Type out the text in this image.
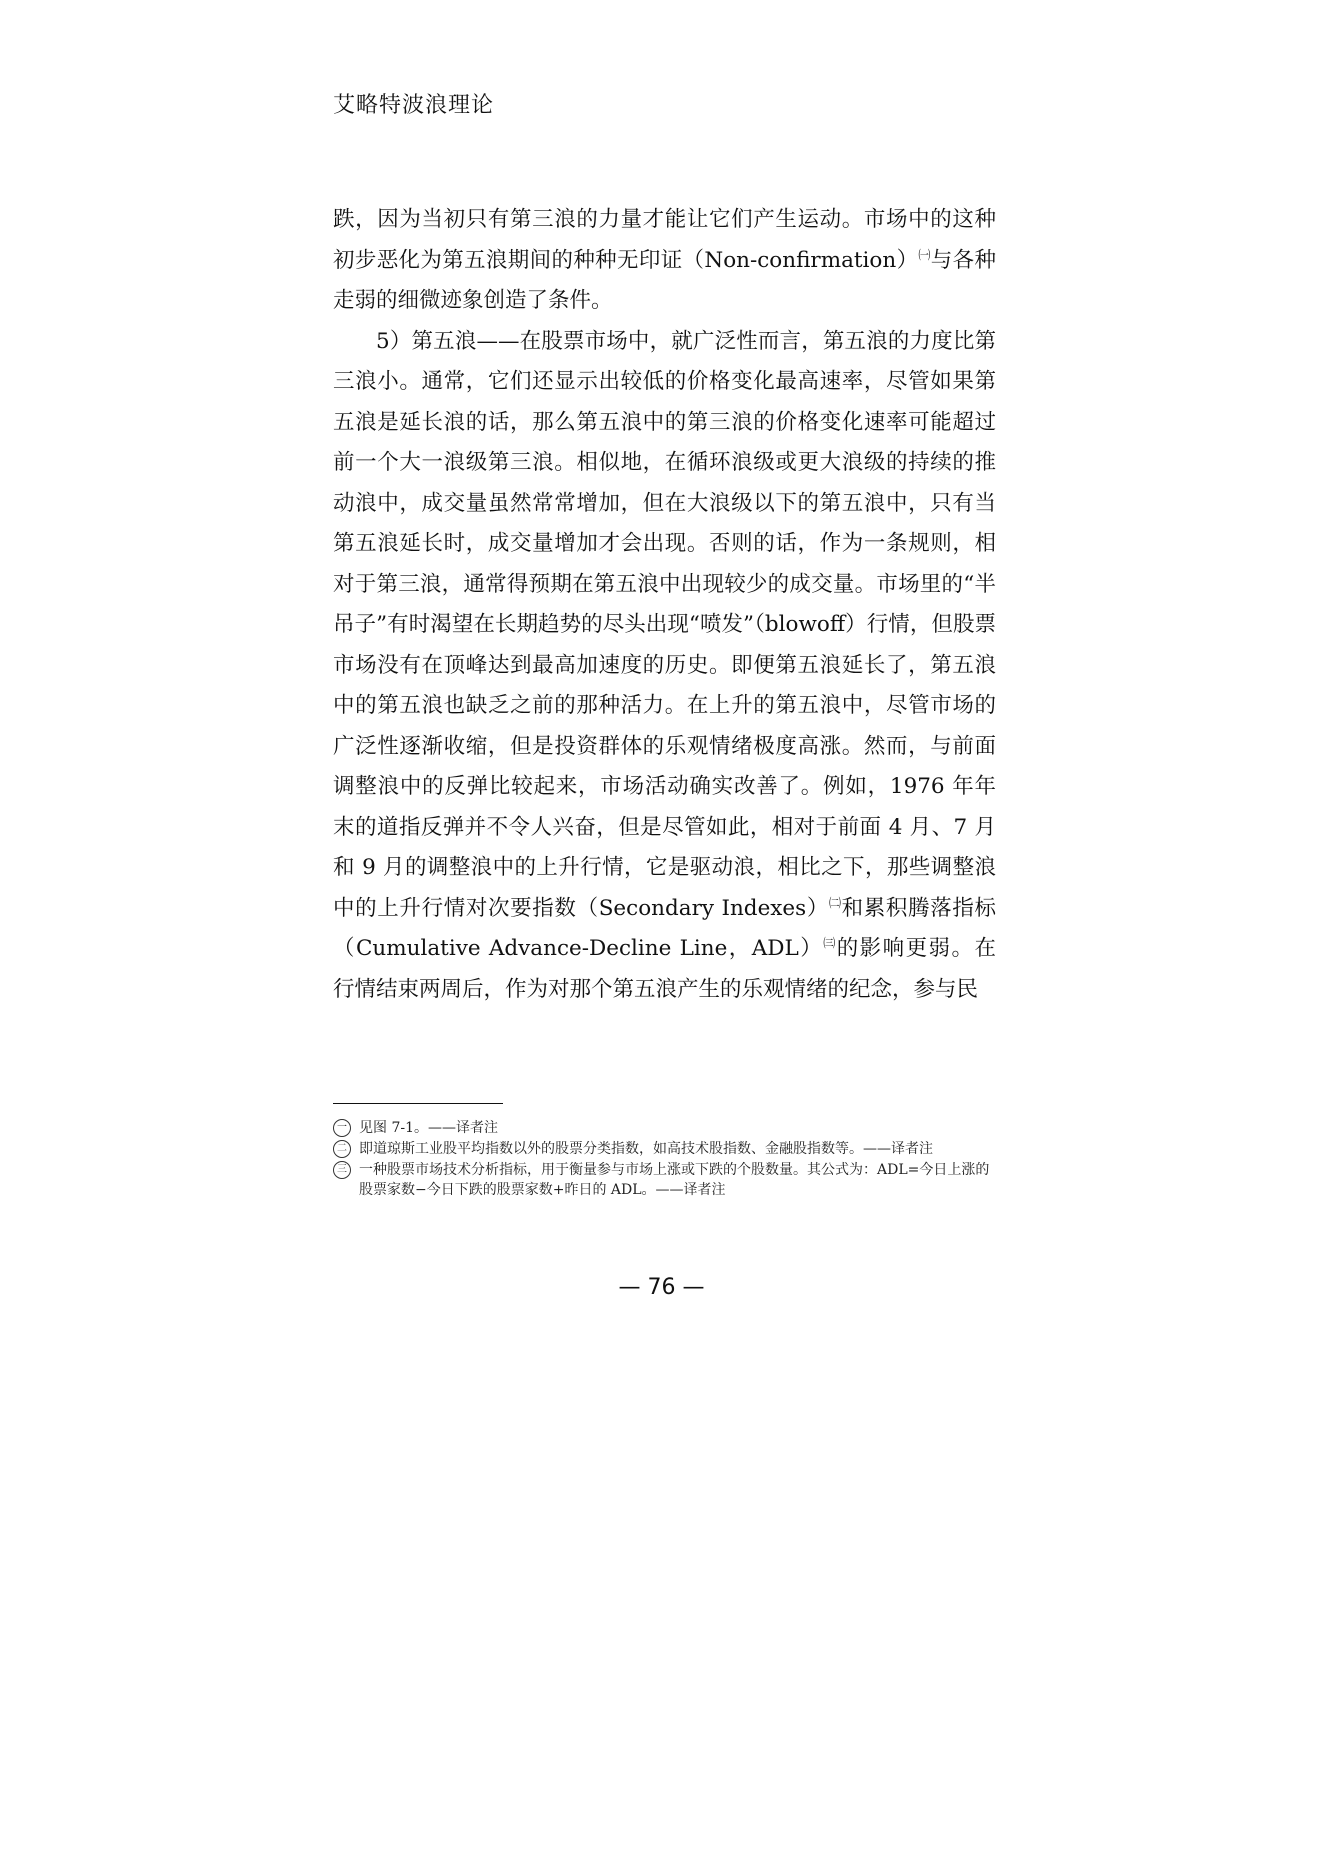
艾略特波浪理论

跌，因为当初只有第三浪的力量才能让它们产生运动。市场中的这种初步恶化为第五浪期间的种种无印证（Non-confirmation）$^㈠$与各种走弱的细微迹象创造了条件。

5）第五浪——在股票市场中，就广泛性而言，第五浪的力度比第三浪小。通常，它们还显示出较低的价格变化最高速率，尽管如果第五浪是延长浪的话，那么第五浪中的第三浪的价格变化速率可能超过前一个大一浪级第三浪。相似地，在循环浪级或更大浪级的持续的推动浪中，成交量虽然常常增加，但在大浪级以下的第五浪中，只有当第五浪延长时，成交量增加才会出现。否则的话，作为一条规则，相对于第三浪，通常得预期在第五浪中出现较少的成交量。市场里的“半吊子”有时渴望在长期趋势的尽头出现“喷发”（blowoff）行情，但股票市场没有在顶峰达到最高加速度的历史。即便第五浪延长了，第五浪中的第五浪也缺乏之前的那种活力。在上升的第五浪中，尽管市场的广泛性逐渐收缩，但是投资群体的乐观情绪极度高涨。然而，与前面调整浪中的反弹比较起来，市场活动确实改善了。例如，1976 年年末的道指反弹并不令人兴奋，但是尽管如此，相对于前面 4 月、7 月和 9 月的调整浪中的上升行情，它是驱动浪，相比之下，那些调整浪中的上升行情对次要指数（Secondary Indexes）$^㈡$和累积腾落指标（Cumulative Advance-Decline Line，ADL）$^㈢$的影响更弱。在行情结束两周后，作为对那个第五浪产生的乐观情绪的纪念，参与民

一 见图 7-1。——译者注
二 即道琼斯工业股平均指数以外的股票分类指数，如高技术股指数、金融股指数等。——译者注
三 一种股票市场技术分析指标，用于衡量参与市场上涨或下跌的个股数量。其公式为：ADL=今日上涨的股票家数−今日下跌的股票家数+昨日的 ADL。——译者注
— 76 —
